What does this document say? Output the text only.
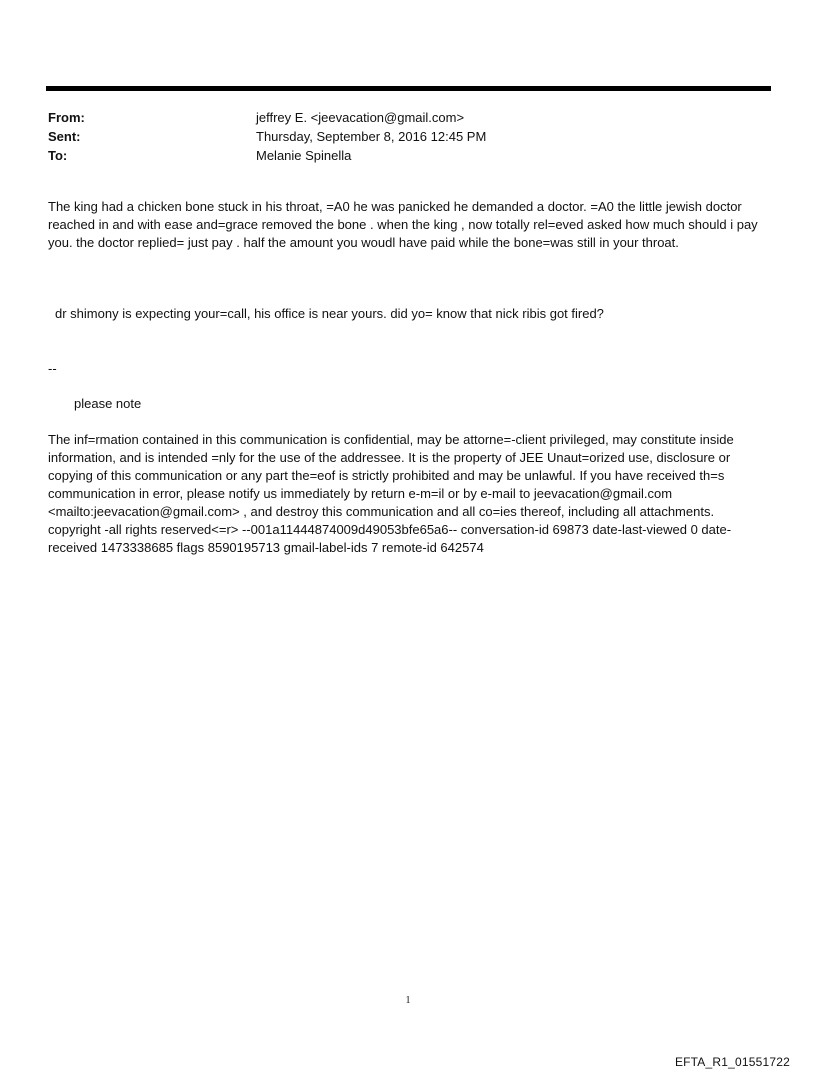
From:	jeffrey E. <jeevacation@gmail.com>
Sent:	Thursday, September 8, 2016 12:45 PM
To:	Melanie Spinella
The king had a chicken bone stuck in his throat, =A0 he was panicked he demanded a doctor. =A0 the little jewish doctor reached in and with ease and=grace removed the bone . when the king , now totally rel=eved asked how much should i pay you. the doctor replied= just pay . half the amount you woudl have paid while the bone=was still in your throat.
dr shimony is expecting your=call, his office is near yours. did yo= know that nick ribis got fired?
--
please note
The inf=rmation contained in this communication is confidential, may be attorne=-client privileged, may constitute inside information, and is intended =nly for the use of the addressee. It is the property of JEE Unaut=orized use, disclosure or copying of this communication or any part the=eof is strictly prohibited and may be unlawful. If you have received th=s communication in error, please notify us immediately by return e-m=il or by e-mail to jeevacation@gmail.com <mailto:jeevacation@gmail.com> , and destroy this communication and all co=ies thereof, including all attachments. copyright -all rights reserved<=r> --001a11444874009d49053bfe65a6-- conversation-id 69873 date-last-viewed 0 date-received 1473338685 flags 8590195713 gmail-label-ids 7 remote-id 642574
1
EFTA_R1_01551722
